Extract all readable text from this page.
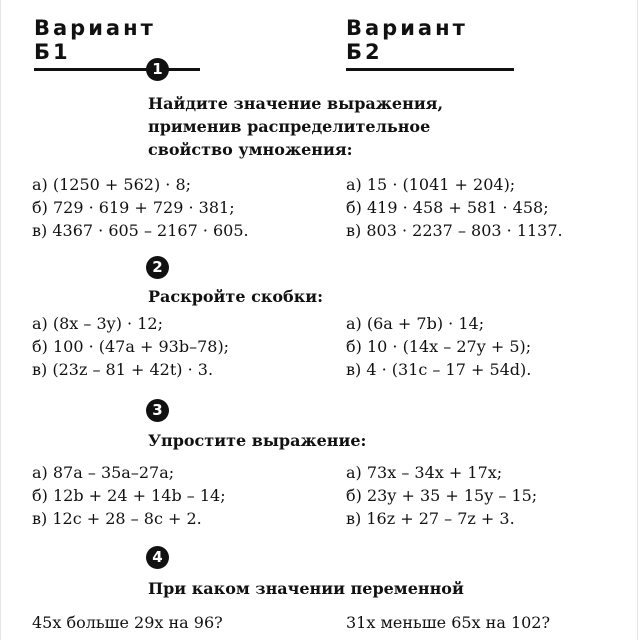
Вариант Б1
Вариант Б2
1
Найдите значение выражения,
применив распределительное
свойство умножения:
а) (1250 + 562) · 8;
б) 729 · 619 + 729 · 381;
в) 4367 · 605 – 2167 · 605.
а) 15 · (1041 + 204);
б) 419 · 458 + 581 · 458;
в) 803 · 2237 – 803 · 1137.
2
Раскройте скобки:
а) (8x – 3y) · 12;
б) 100 · (47a + 93b–78);
в) (23z – 81 + 42t) · 3.
а) (6a + 7b) · 14;
б) 10 · (14x – 27y + 5);
в) 4 · (31c – 17 + 54d).
3
Упростите выражение:
а) 87a – 35a–27a;
б) 12b + 24 + 14b – 14;
в) 12c + 28 – 8c + 2.
а) 73x – 34x + 17x;
б) 23y + 35 + 15y – 15;
в) 16z + 27 – 7z + 3.
4
При каком значении переменной
45x больше 29x на 96?	31x меньше 65x на 102?
